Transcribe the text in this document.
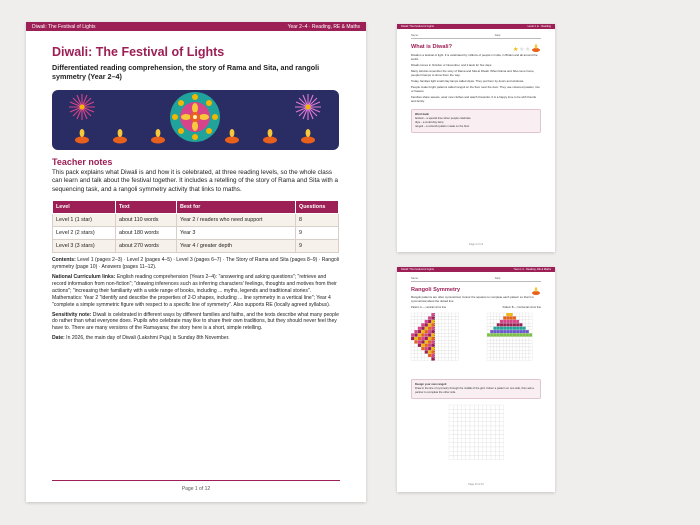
Diwali: The Festival of Lights	Year 2–4 · Reading, RE & Maths
Diwali: The Festival of Lights
Differentiated reading comprehension, the story of Rama and Sita, and rangoli symmetry (Year 2–4)
Teacher notes
This pack explains what Diwali is and how it is celebrated, at three reading levels, so the whole class can learn and talk about the festival together. It includes a retelling of the story of Rama and Sita with a sequencing task, and a rangoli symmetry activity that links to maths.
Level	Text	Best for	Questions
Level 1 (1 star)	about 110 words	Year 2 / readers who need support	8
Level 2 (2 stars)	about 180 words	Year 3	9
Level 3 (3 stars)	about 270 words	Year 4 / greater depth	9
Contents: Level 1 (pages 2–3) · Level 2 (pages 4–5) · Level 3 (pages 6–7) · The Story of Rama and Sita (pages 8–9) · Rangoli symmetry (page 10) · Answers (pages 11–12).
National Curriculum links: English reading comprehension (Years 2–4): "answering and asking questions"; "retrieve and record information from non-fiction"; "drawing inferences such as inferring characters' feelings, thoughts and motives from their actions"; "increasing their familiarity with a wide range of books, including ... myths, legends and traditional stories". Mathematics: Year 2 "identify and describe the properties of 2-D shapes, including ... line symmetry in a vertical line"; Year 4 "complete a simple symmetric figure with respect to a specific line of symmetry". Also supports RE (locally agreed syllabus).
Sensitivity note: Diwali is celebrated in different ways by different families and faiths, and the texts describe what many people do rather than what everyone does. Pupils who celebrate may like to share their own traditions, but they should never feel they have to. There are many versions of the Ramayana; the story here is a short, simple retelling.
Date: In 2026, the main day of Diwali (Lakshmi Puja) is Sunday 8th November.
Page 1 of 12
Diwali: The Festival of Lights	Level 1 ★ · Reading
Name:	Date:
What is Diwali?	★ ★ ★
Diwali is a festival of light. It is celebrated by millions of people in India, in Britain and all around the world.
Diwali comes in October or November, and it lasts for five days.
Many Hindus remember the story of Rama and Sita at Diwali. When Rama and Sita come home, people lit lamps to show them the way.
Today, families light small clay lamps called diyas. They put them by doors and windows.
People make bright patterns called rangoli on the floor near the door. They use coloured powder, rice or flowers.
Families share sweets, wear new clothes and watch fireworks. It is a happy time to be with friends and family.
Word bank
festival – a special time when people celebrate
diya – a small clay lamp
rangoli – a colourful pattern made on the floor
Page 2 of 12
Diwali: The Festival of Lights	Year 2–4 · Reading, RE & Maths
Name:	Date:
Rangoli Symmetry
Rangoli patterns are often symmetrical. Colour the squares to complete each pattern so that it is symmetrical about the dotted line.
Pattern A — vertical mirror line	Pattern B — horizontal mirror line
Design your own rangoli
Draw in the line of symmetry through the middle of the grid. Colour a pattern on one side, then ask a partner to complete the other side.
Page 10 of 12
